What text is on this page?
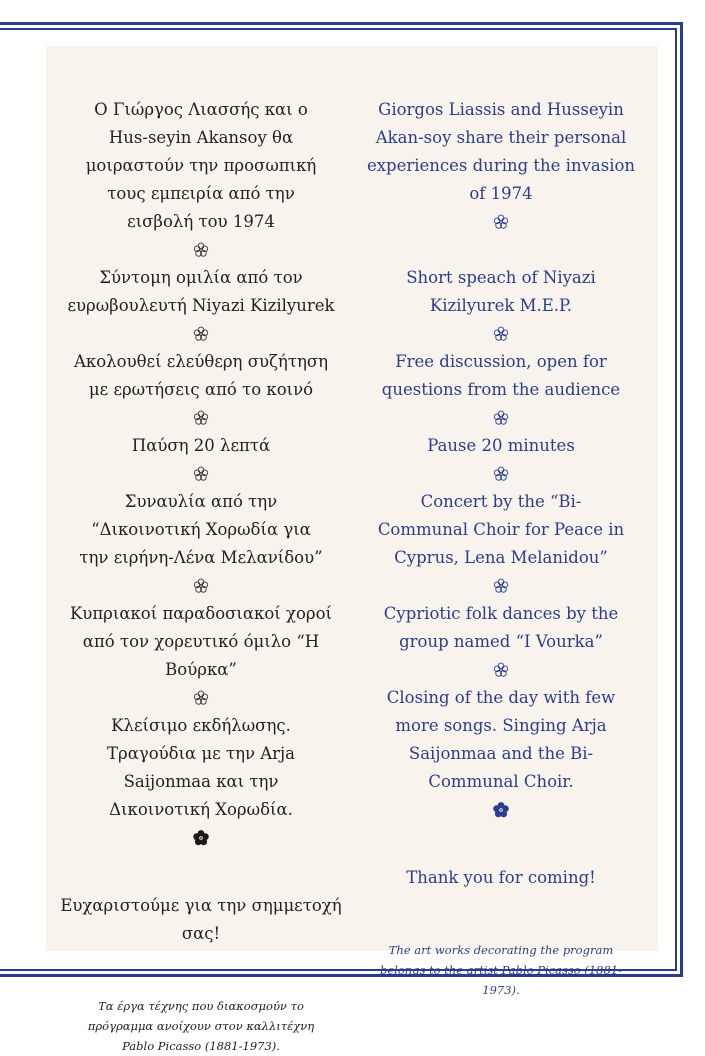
Ο Γιώργος Λιασσής και ο Hus-seyin Akansoy θα μοιραστούν την προσωπική τους εμπειρία από την εισβολή του 1974

Σύντομη ομιλία από τον ευρωβουλευτή Niyazi Kizilyurek

Ακολουθεί ελεύθερη συζήτηση με ερωτήσεις από το κοινό

Παύση 20 λεπτά

Συναυλία από την “Δικοινοτική Χορωδία για την ειρήνη-Λένα Μελανίδου”

Κυπριακοί παραδοσιακοί χοροί από τον χορευτικό όμιλο “Η Βούρκα”

Κλείσιμο εκδήλωσης. Τραγούδια με την Arja Saijonmaa και την Δικοινοτική Χορωδία.

Ευχαριστούμε για την σημμετοχή σας!

Τα έργα τέχνης που διακοσμούν το πρόγραμμα ανοίχουν στον καλλιτέχνη Pablo Picasso (1881-1973).

Giorgos Liassis and Husseyin Akan-soy share their personal experiences during the invasion of 1974

Short speach of Niyazi Kizilyurek M.E.P.

Free discussion, open for questions from the audience

Pause 20 minutes

Concert by the “Bi-Communal Choir for Peace in Cyprus, Lena Melanidou”

Cypriotic folk dances by the group named “I Vourka”

Closing of the day with few more songs. Singing Arja Saijonmaa and the Bi-Communal Choir.

Thank you for coming!

The art works decorating the program belongs to the artist Pablo Picasso (1881-1973).
